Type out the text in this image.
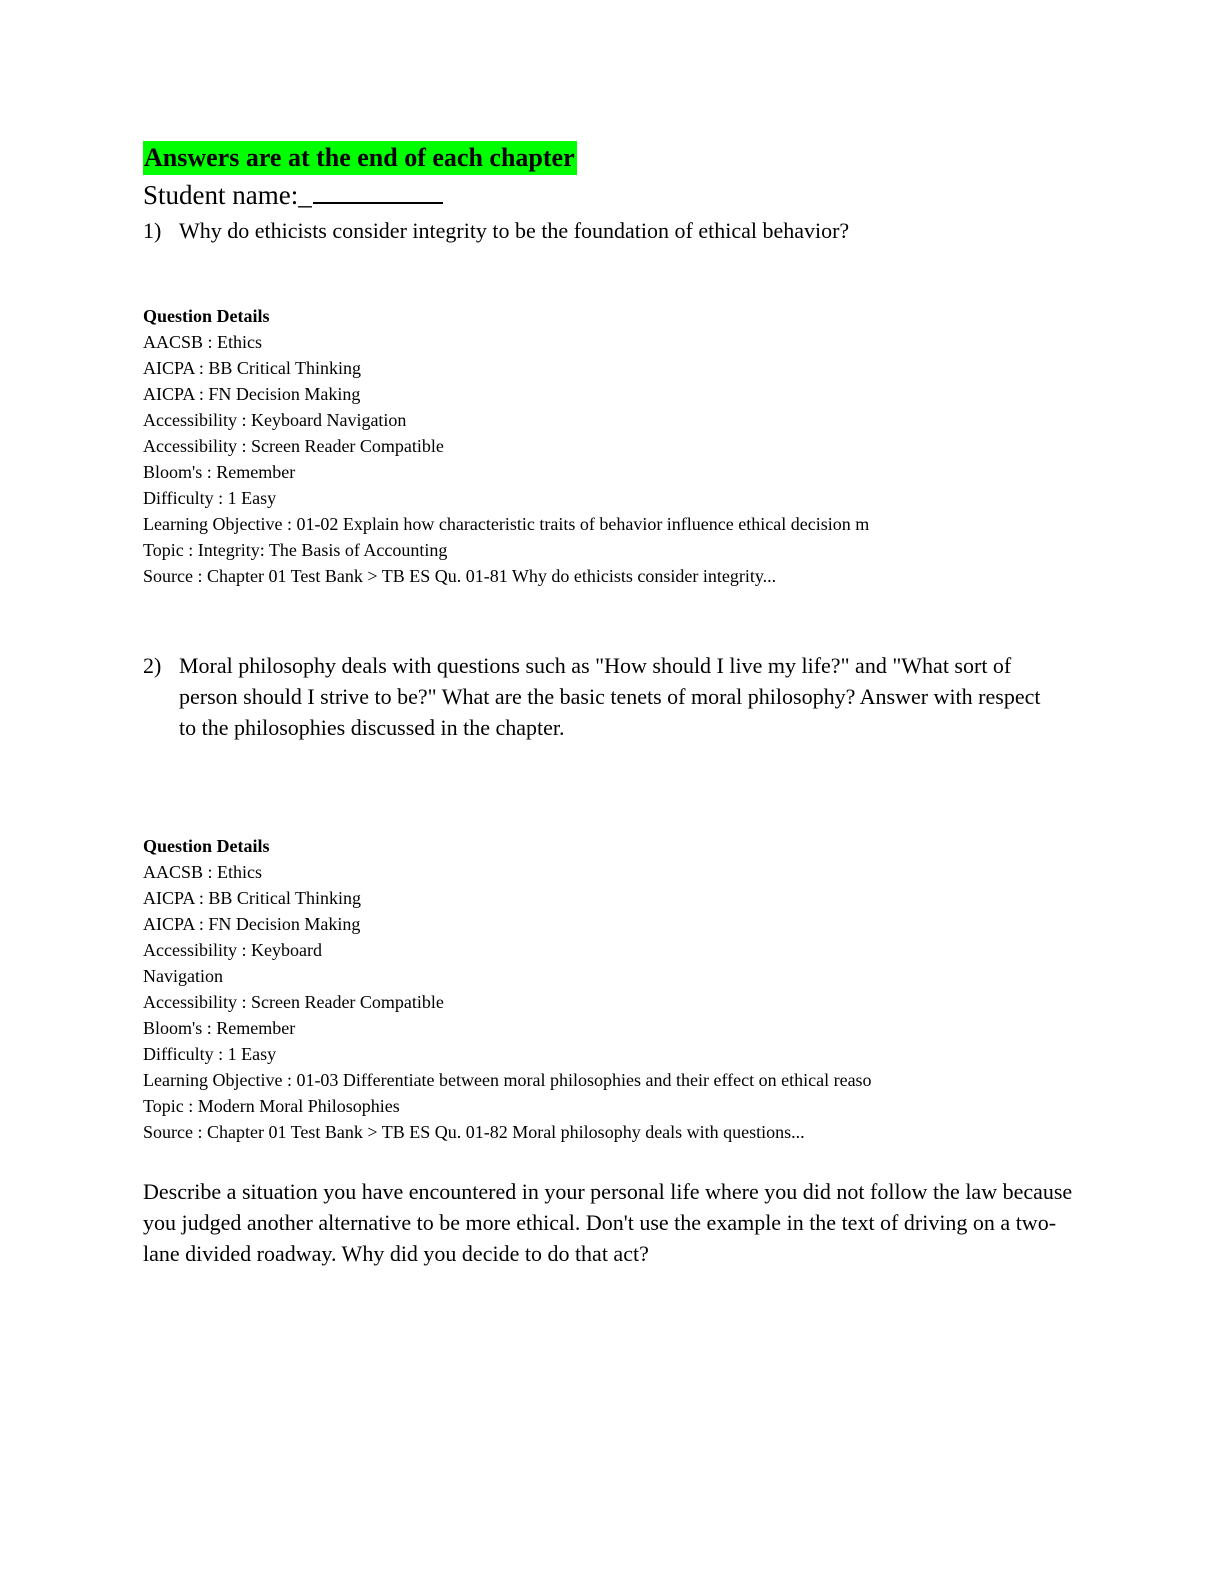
Answers are at the end of each chapter
Student name:_
1) Why do ethicists consider integrity to be the foundation of ethical behavior?
Question Details
AACSB : Ethics
AICPA : BB Critical Thinking
AICPA : FN Decision Making
Accessibility : Keyboard Navigation
Accessibility : Screen Reader Compatible
Bloom's : Remember
Difficulty : 1 Easy
Learning Objective : 01-02 Explain how characteristic traits of behavior influence ethical decision m
Topic : Integrity: The Basis of Accounting
Source : Chapter 01 Test Bank > TB ES Qu. 01-81 Why do ethicists consider integrity...
2) Moral philosophy deals with questions such as "How should I live my life?" and "What sort of person should I strive to be?" What are the basic tenets of moral philosophy? Answer with respect to the philosophies discussed in the chapter.
Question Details
AACSB : Ethics
AICPA : BB Critical Thinking
AICPA : FN Decision Making
Accessibility : Keyboard
Navigation
Accessibility : Screen Reader Compatible
Bloom's : Remember
Difficulty : 1 Easy
Learning Objective : 01-03 Differentiate between moral philosophies and their effect on ethical reaso
Topic : Modern Moral Philosophies
Source : Chapter 01 Test Bank > TB ES Qu. 01-82 Moral philosophy deals with questions...
Describe a situation you have encountered in your personal life where you did not follow the law because you judged another alternative to be more ethical. Don't use the example in the text of driving on a two-lane divided roadway. Why did you decide to do that act?
